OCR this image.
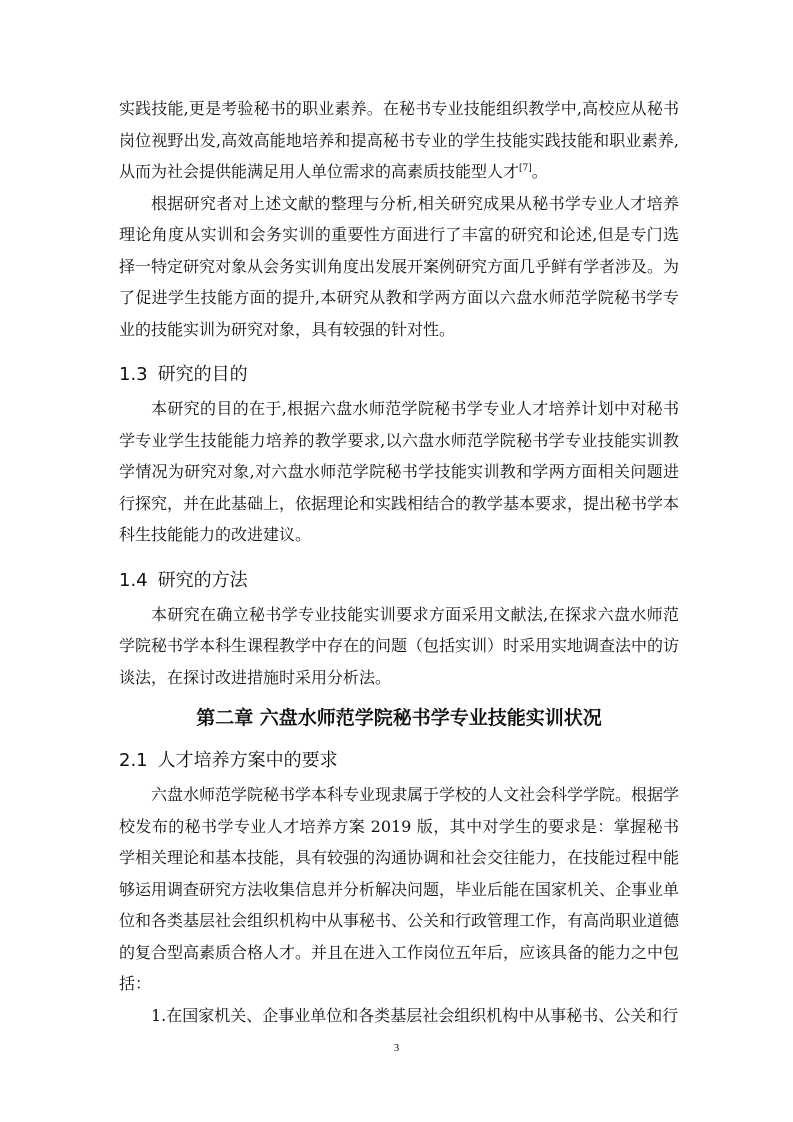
实践技能,更是考验秘书的职业素养。在秘书专业技能组织教学中,高校应从秘书岗位视野出发,高效高能地培养和提高秘书专业的学生技能实践技能和职业素养,从而为社会提供能满足用人单位需求的高素质技能型人才[7]。

根据研究者对上述文献的整理与分析,相关研究成果从秘书学专业人才培养理论角度从实训和会务实训的重要性方面进行了丰富的研究和论述,但是专门选择一特定研究对象从会务实训角度出发展开案例研究方面几乎鲜有学者涉及。为了促进学生技能方面的提升,本研究从教和学两方面以六盘水师范学院秘书学专业的技能实训为研究对象，具有较强的针对性。

1.3 研究的目的

本研究的目的在于,根据六盘水师范学院秘书学专业人才培养计划中对秘书学专业学生技能能力培养的教学要求,以六盘水师范学院秘书学专业技能实训教学情况为研究对象,对六盘水师范学院秘书学技能实训教和学两方面相关问题进行探究，并在此基础上，依据理论和实践相结合的教学基本要求，提出秘书学本科生技能能力的改进建议。

1.4 研究的方法

本研究在确立秘书学专业技能实训要求方面采用文献法,在探求六盘水师范学院秘书学本科生课程教学中存在的问题（包括实训）时采用实地调查法中的访谈法，在探讨改进措施时采用分析法。

第二章 六盘水师范学院秘书学专业技能实训状况
2.1 人才培养方案中的要求

六盘水师范学院秘书学本科专业现隶属于学校的人文社会科学学院。根据学校发布的秘书学专业人才培养方案 2019 版，其中对学生的要求是：掌握秘书学相关理论和基本技能，具有较强的沟通协调和社会交往能力，在技能过程中能够运用调查研究方法收集信息并分析解决问题，毕业后能在国家机关、企事业单位和各类基层社会组织机构中从事秘书、公关和行政管理工作，有高尚职业道德的复合型高素质合格人才。并且在进入工作岗位五年后，应该具备的能力之中包括：

1.在国家机关、企事业单位和各类基层社会组织机构中从事秘书、公关和行

3
